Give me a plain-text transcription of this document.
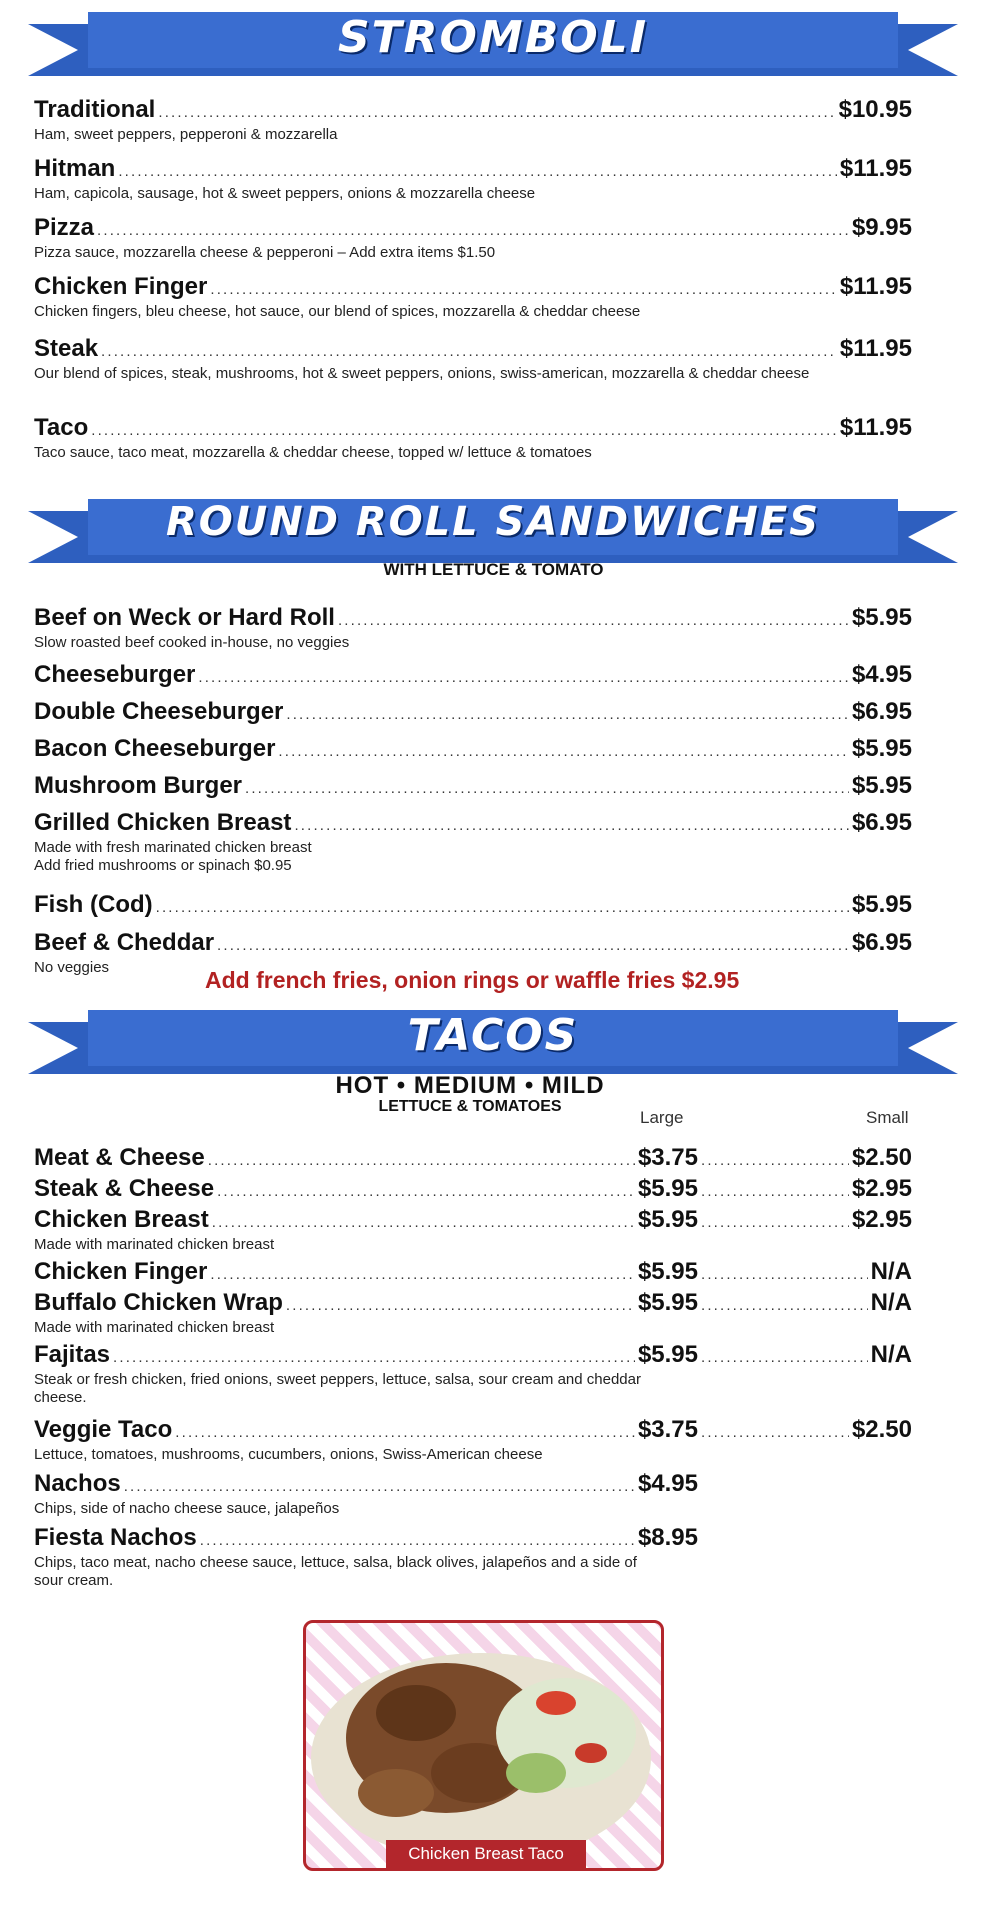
STROMBOLI
Traditional . . .	$10.95
Ham, sweet peppers, pepperoni & mozzarella
Hitman . . .	$11.95
Ham, capicola, sausage, hot & sweet peppers, onions & mozzarella cheese
Pizza . . .	$9.95
Pizza sauce, mozzarella cheese & pepperoni – Add extra items $1.50
Chicken Finger . . .	$11.95
Chicken fingers, bleu cheese, hot sauce, our blend of spices, mozzarella & cheddar cheese
Steak . . .	$11.95
Our blend of spices, steak, mushrooms, hot & sweet peppers, onions, swiss-american, mozzarella & cheddar cheese
Taco . . .	$11.95
Taco sauce, taco meat, mozzarella & cheddar cheese, topped w/ lettuce & tomatoes
ROUND ROLL SANDWICHES
WITH LETTUCE & TOMATO
Beef on Weck or Hard Roll . . .	$5.95
Slow roasted beef cooked in-house, no veggies
Cheeseburger . . .	$4.95
Double Cheeseburger . . .	$6.95
Bacon Cheeseburger . . .	$5.95
Mushroom Burger . . .	$5.95
Grilled Chicken Breast . . .	$6.95
Made with fresh marinated chicken breast
Add fried mushrooms or spinach $0.95
Fish (Cod) . . .	$5.95
Beef & Cheddar . . .	$6.95
No veggies	Add french fries, onion rings or waffle fries $2.95
TACOS
HOT • MEDIUM • MILD
LETTUCE & TOMATOES
Large	Small
Meat & Cheese . . .	$3.75 . . .	$2.50
Steak & Cheese . . .	$5.95 . . .	$2.95
Chicken Breast . . .	$5.95 . . .	$2.95
Made with marinated chicken breast
Chicken Finger . . .	$5.95 . . .	N/A
Buffalo Chicken Wrap . . .	$5.95 . . .	N/A
Made with marinated chicken breast
Fajitas . . .	$5.95 . . .	N/A
Steak or fresh chicken, fried onions, sweet peppers, lettuce, salsa, sour cream and cheddar cheese.
Veggie Taco . . .	$3.75 . . .	$2.50
Lettuce, tomatoes, mushrooms, cucumbers, onions, Swiss-American cheese
Nachos . . .	$4.95
Chips, side of nacho cheese sauce, jalapeños
Fiesta Nachos . . .	$8.95
Chips, taco meat, nacho cheese sauce, lettuce, salsa, black olives, jalapeños and a side of sour cream.
Chicken Breast Taco
